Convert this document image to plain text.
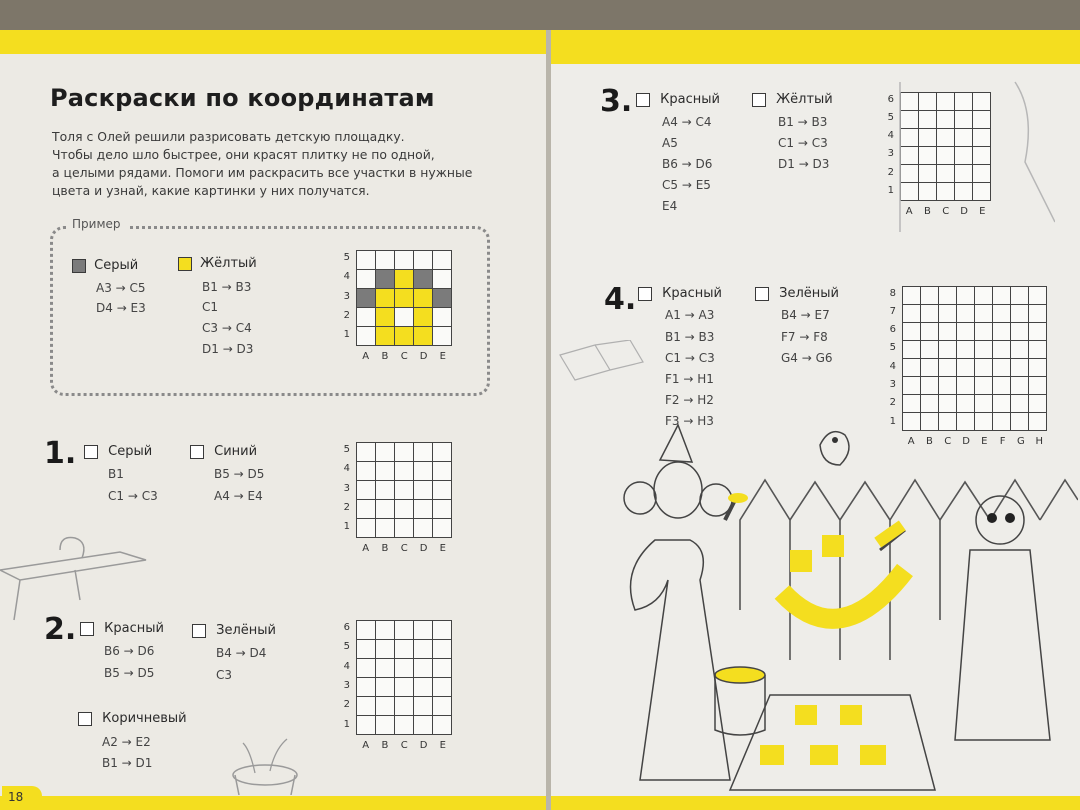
Раскраски по координатам
Толя с Олей решили разрисовать детскую площадку.
Чтобы дело шло быстрее, они красят плитку не по одной,
а целыми рядами. Помоги им раскрасить все участки в нужные
цвета и узнай, какие картинки у них получатся.
Пример
Серый
A3 → C5
D4 → E3
Жёлтый
B1 → B3
C1
C3 → C4
D1 → D3

5
4
3
2
1
A	B	C	D	E
1.	Серый
B1
C1 → C3
Синий
B5 → D5
A4 → E4

5
4
3
2
1
A	B	C	D	E
2.	Красный
B6 → D6
B5 → D5
Зелёный
B4 → D4
C3
Коричневый
A2 → E2
B1 → D1

6
5
4
3
2
1
A	B	C	D	E
18
3.	Красный
A4 → C4
A5
B6 → D6
C5 → E5
E4
Жёлтый
B1 → B3
C1 → C3
D1 → D3

6
5
4
3
2
1
A	B	C	D	E
4.	Красный
A1 → A3
B1 → B3
C1 → C3
F1 → H1
F2 → H2
F3 → H3
Зелёный
B4 → E7
F7 → F8
G4 → G6

8
7
6
5
4
3
2
1
A	B	C	D	E	F	G	H
